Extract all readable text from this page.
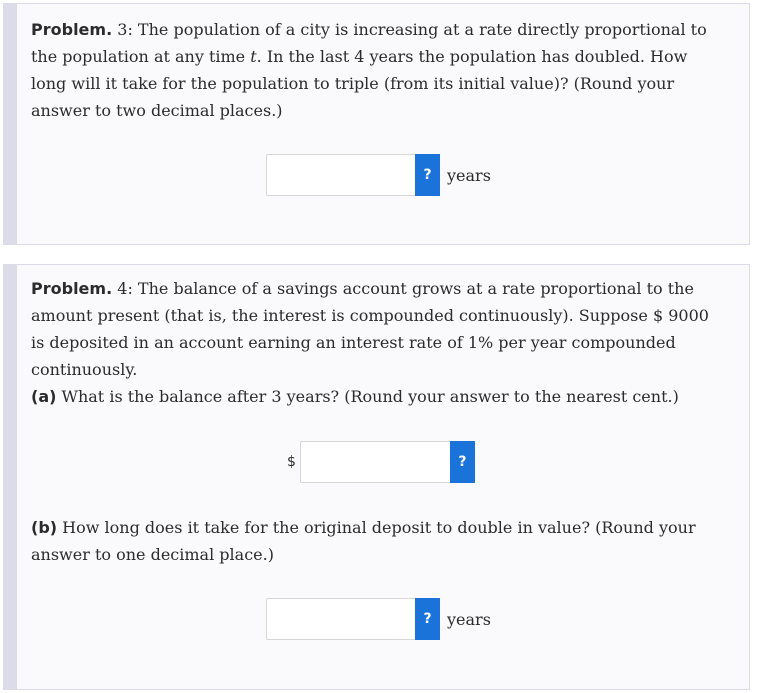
Problem. 3: The population of a city is increasing at a rate directly proportional to the population at any time t. In the last 4 years the population has doubled. How long will it take for the population to triple (from its initial value)? (Round your answer to two decimal places.)
? years
Problem. 4: The balance of a savings account grows at a rate proportional to the amount present (that is, the interest is compounded continuously). Suppose $ 9000 is deposited in an account earning an interest rate of 1% per year compounded continuously.
(a) What is the balance after 3 years? (Round your answer to the nearest cent.)
$	?
(b) How long does it take for the original deposit to double in value? (Round your answer to one decimal place.)
? years
